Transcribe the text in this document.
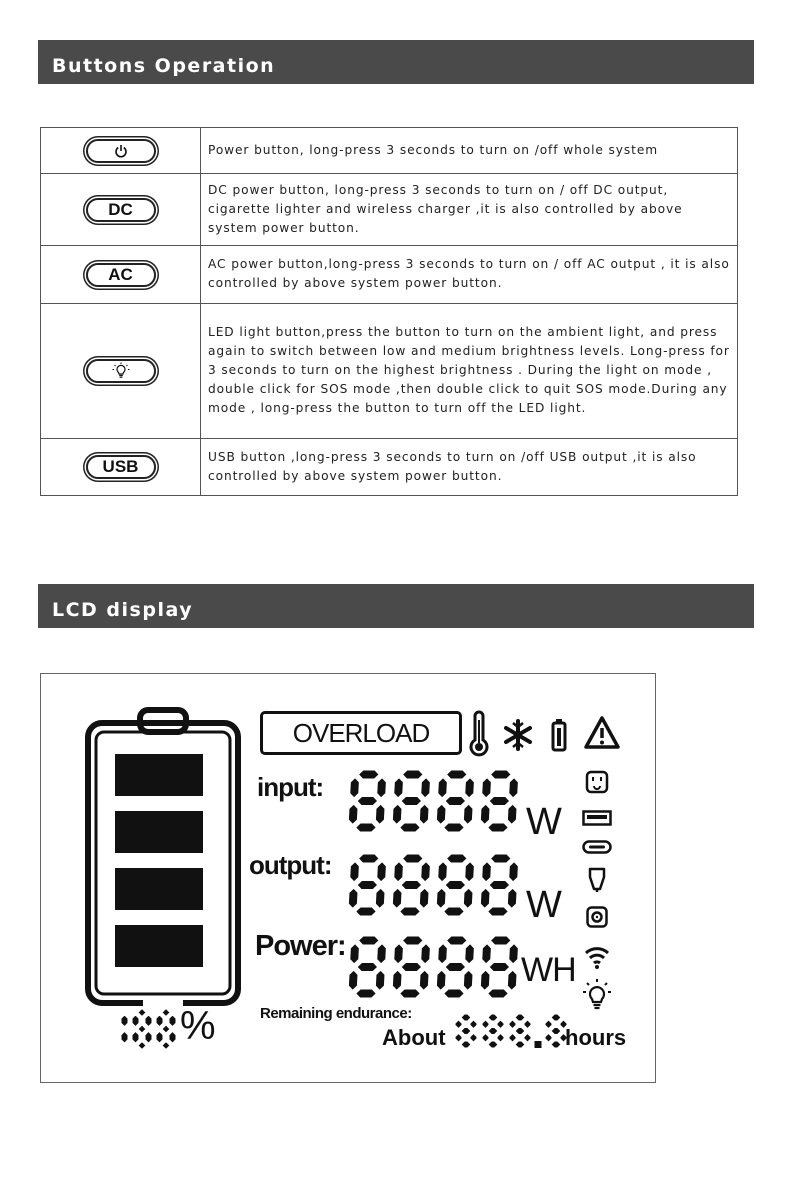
Buttons Operation
	Power button, long-press 3 seconds to turn on /off whole system
DC	DC power button, long-press 3 seconds to turn on / off DC output, cigarette lighter and wireless charger ,it is also controlled by above system power button.
AC	AC power button,long-press 3 seconds to turn on / off AC output , it is also controlled by above system power button.

	LED light button,press the button to turn on the ambient light, and press again to switch between low and medium brightness levels. Long-press for 3 seconds to turn on the highest brightness . During the light on mode , double click for SOS mode ,then double click to quit SOS mode.During any mode , long-press the button to turn off the LED light.
USB	USB button ,long-press 3 seconds to turn on /off USB output ,it is also controlled by above system power button.
LCD display
%
OVERLOAD
input:
output:
Power:
W
W
WH
Remaining endurance:
About	hours
